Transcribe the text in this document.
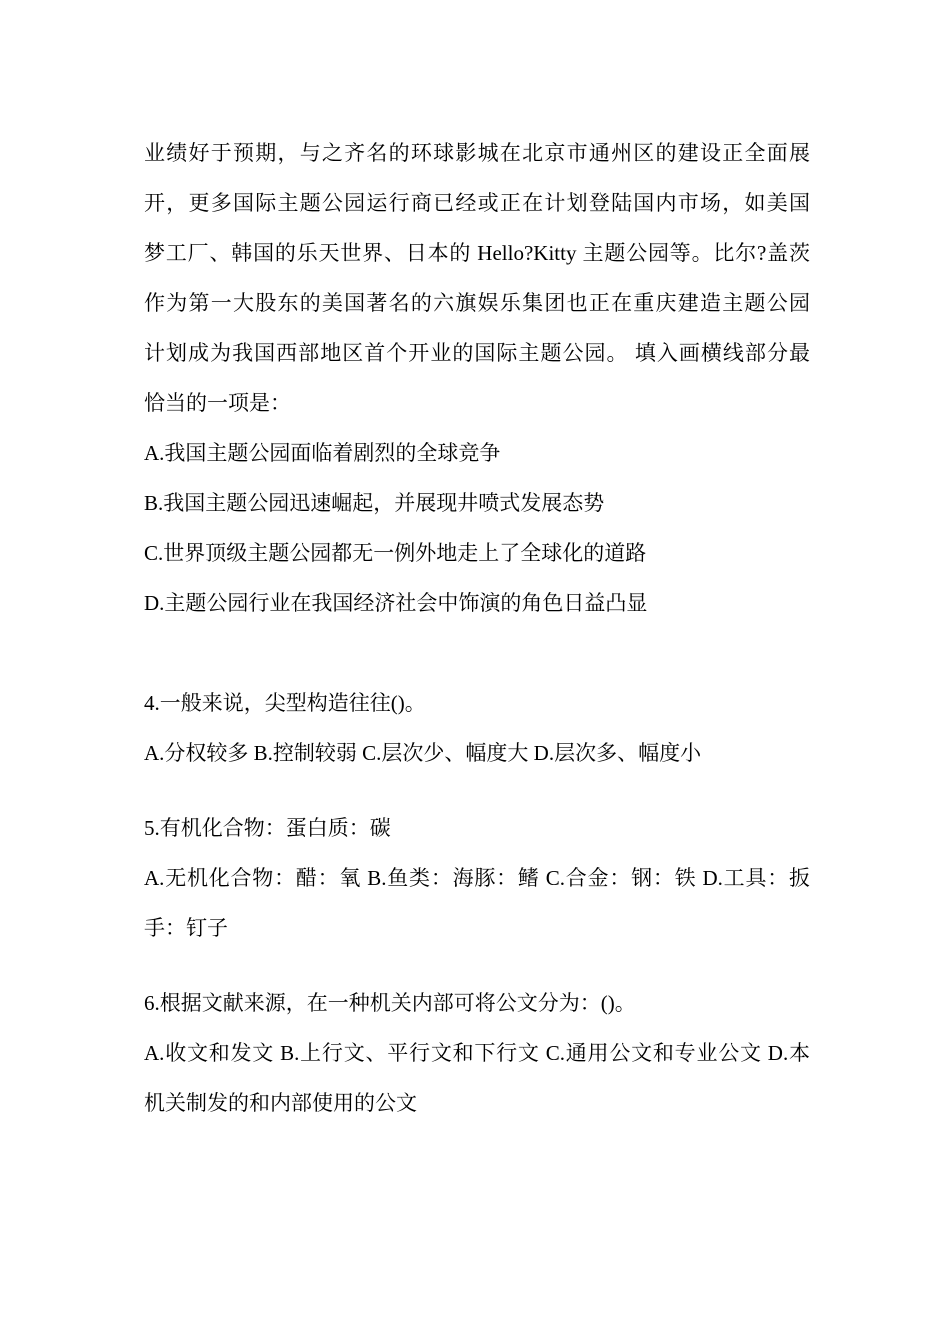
业绩好于预期，与之齐名的环球影城在北京市通州区的建设正全面展
开，更多国际主题公园运行商已经或正在计划登陆国内市场，如美国
梦工厂、韩国的乐天世界、日本的 Hello?Kitty 主题公园等。比尔?盖茨
作为第一大股东的美国著名的六旗娱乐集团也正在重庆建造主题公园
计划成为我国西部地区首个开业的国际主题公园。 填入画横线部分最
恰当的一项是：
A.我国主题公园面临着剧烈的全球竞争
B.我国主题公园迅速崛起，并展现井喷式发展态势
C.世界顶级主题公园都无一例外地走上了全球化的道路
D.主题公园行业在我国经济社会中饰演的角色日益凸显
4.一般来说，尖型构造往往()。
A.分权较多 B.控制较弱 C.层次少、幅度大 D.层次多、幅度小
5.有机化合物：蛋白质：碳
A.无机化合物：醋：氧 B.鱼类：海豚：鳍 C.合金：钢：铁 D.工具：扳
手：钉子
6.根据文献来源，在一种机关内部可将公文分为：()。
A.收文和发文 B.上行文、平行文和下行文 C.通用公文和专业公文 D.本
机关制发的和内部使用的公文
